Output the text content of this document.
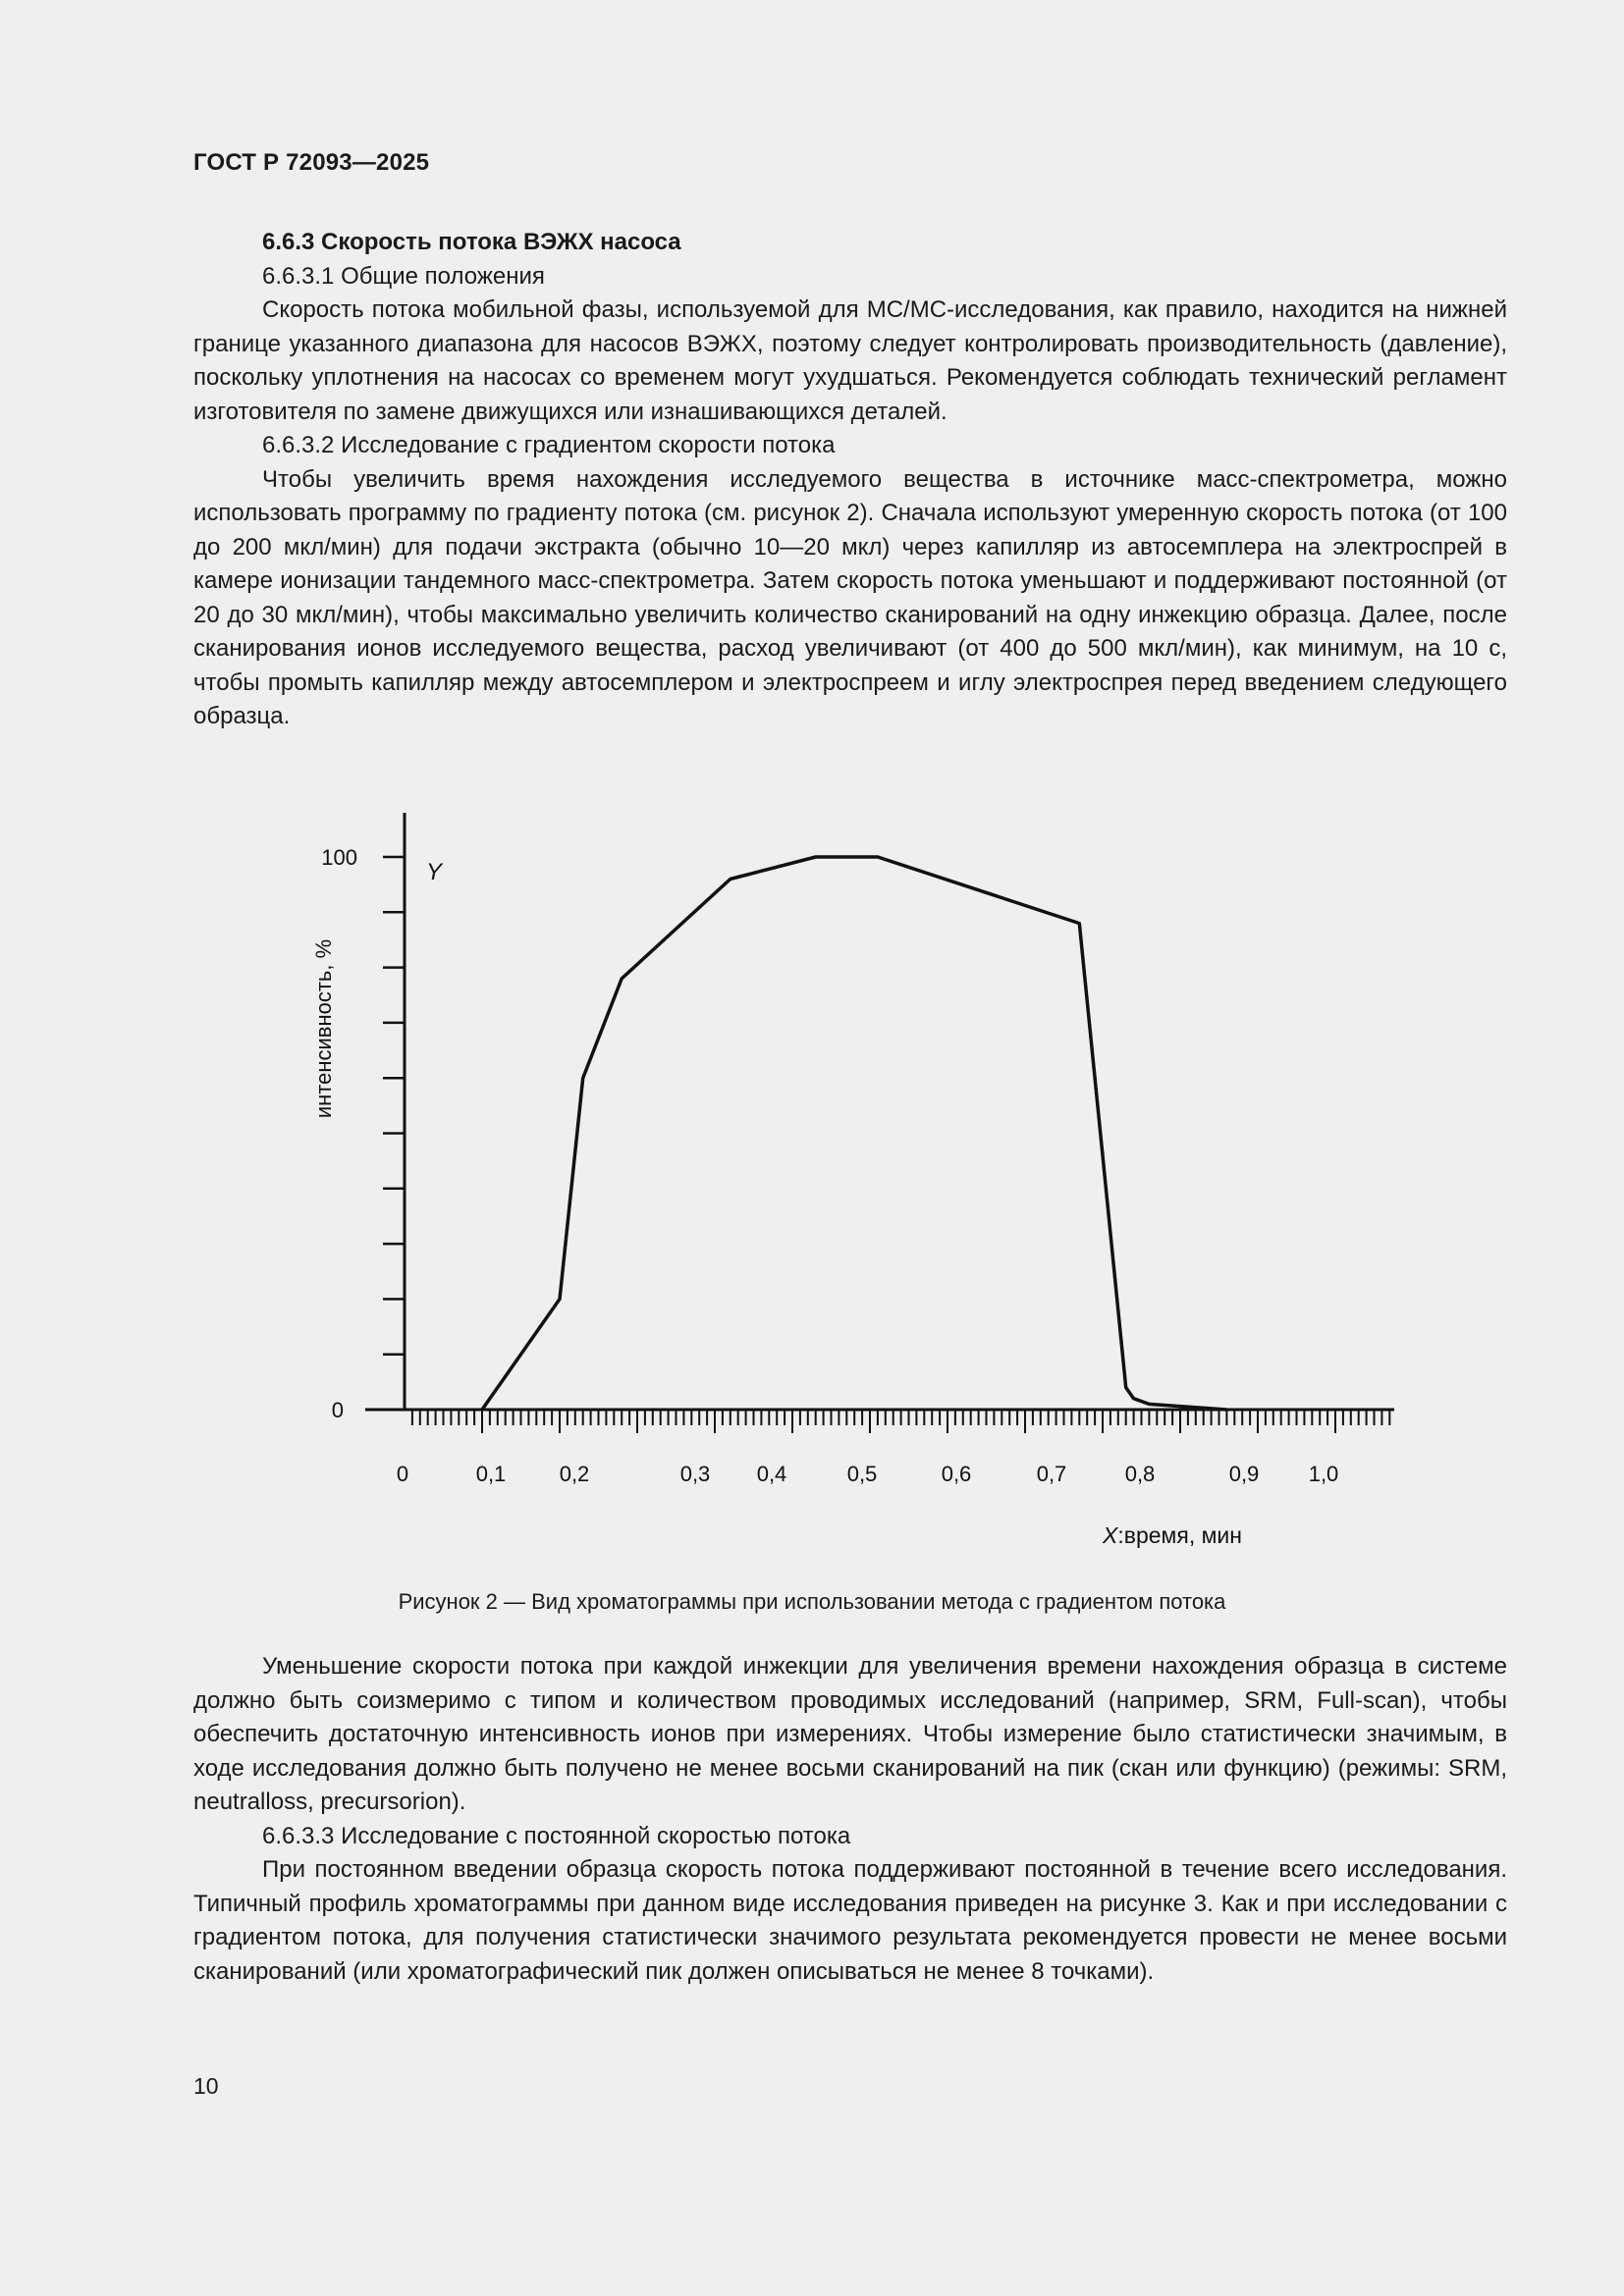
ГОСТ Р 72093—2025

6.6.3 Скорость потока ВЭЖХ насоса

6.6.3.1 Общие положения

Скорость потока мобильной фазы, используемой для МС/МС-исследования, как правило, находится на нижней границе указанного диапазона для насосов ВЭЖХ, поэтому следует контролировать производительность (давление), поскольку уплотнения на насосах со временем могут ухудшаться. Рекомендуется соблюдать технический регламент изготовителя по замене движущихся или изнашивающихся деталей.

6.6.3.2 Исследование с градиентом скорости потока

Чтобы увеличить время нахождения исследуемого вещества в источнике масс-спектрометра, можно использовать программу по градиенту потока (см. рисунок 2). Сначала используют умеренную скорость потока (от 100 до 200 мкл/мин) для подачи экстракта (обычно 10—20 мкл) через капилляр из автосемплера на электроспрей в камере ионизации тандемного масс-спектрометра. Затем скорость потока уменьшают и поддерживают постоянной (от 20 до 30 мкл/мин), чтобы максимально увеличить количество сканирований на одну инжекцию образца. Далее, после сканирования ионов исследуемого вещества, расход увеличивают (от 400 до 500 мкл/мин), как минимум, на 10 с, чтобы промыть капилляр между автосемплером и электроспреем и иглу электроспрея перед введением следующего образца.

0
100
0	0,1 0,2	0,3 0,4	0,5	0,6	0,7	0,8	0,9 1,0
Y
интенсивность, %
X:время, мин
Рисунок 2 — Вид хроматограммы при использовании метода с градиентом потока

Уменьшение скорости потока при каждой инжекции для увеличения времени нахождения образца в системе должно быть соизмеримо с типом и количеством проводимых исследований (например, SRM, Full-scan), чтобы обеспечить достаточную интенсивность ионов при измерениях. Чтобы измерение было статистически значимым, в ходе исследования должно быть получено не менее восьми сканирований на пик (скан или функцию) (режимы: SRM, neutralloss, precursorion).

6.6.3.3 Исследование с постоянной скоростью потока

При постоянном введении образца скорость потока поддерживают постоянной в течение всего исследования. Типичный профиль хроматограммы при данном виде исследования приведен на рисунке 3. Как и при исследовании с градиентом потока, для получения статистически значимого результата рекомендуется провести не менее восьми сканирований (или хроматографический пик должен описываться не менее 8 точками).

10
